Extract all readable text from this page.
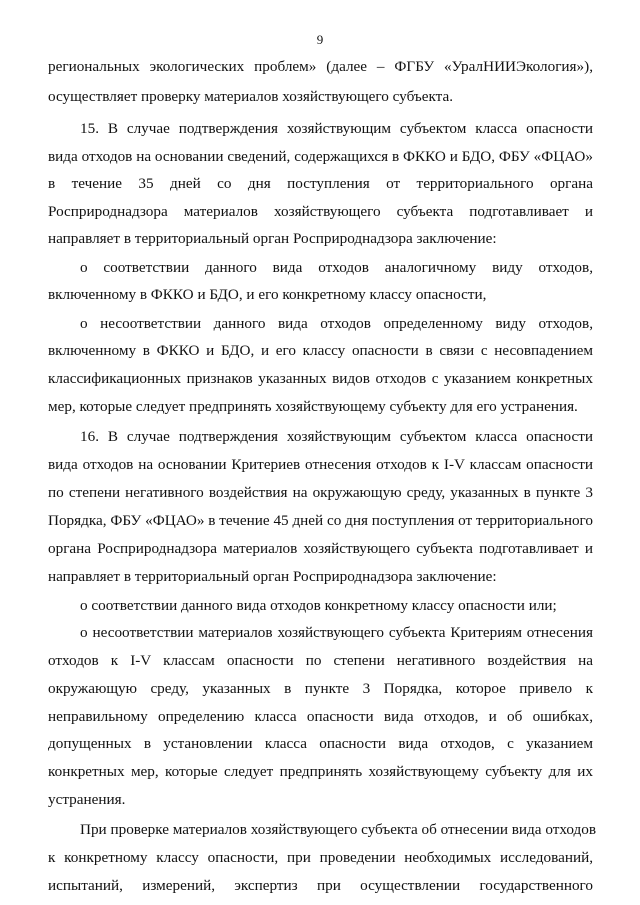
9
региональных экологических проблем» (далее – ФГБУ «УралНИИЭкология»),
осуществляет проверку материалов хозяйствующего субъекта.
15. В случае подтверждения хозяйствующим субъектом класса опасности
вида отходов на основании сведений, содержащихся в ФККО и БДО, ФБУ «ФЦАО»
в течение 35 дней со дня поступления от территориального органа
Росприроднадзора материалов хозяйствующего субъекта подготавливает и
направляет в территориальный орган Росприроднадзора заключение:
о соответствии данного вида отходов аналогичному виду отходов,
включенному в ФККО и БДО, и его конкретному классу опасности,
о несоответствии данного вида отходов определенному виду отходов,
включенному в ФККО и БДО, и его классу опасности в связи с несовпадением
классификационных признаков указанных видов отходов с указанием конкретных
мер, которые следует предпринять хозяйствующему субъекту для его устранения.
16. В случае подтверждения хозяйствующим субъектом класса опасности
вида отходов на основании Критериев отнесения отходов к I-V классам опасности
по степени негативного воздействия на окружающую среду, указанных в пункте 3
Порядка, ФБУ «ФЦАО» в течение 45 дней со дня поступления от территориального
органа Росприроднадзора материалов хозяйствующего субъекта подготавливает и
направляет в территориальный орган Росприроднадзора заключение:
о соответствии данного вида отходов конкретному классу опасности или;
о несоответствии материалов хозяйствующего субъекта Критериям отнесения
отходов к I-V классам опасности по степени негативного воздействия на
окружающую среду, указанных в пункте 3 Порядка, которое привело к
неправильному определению класса опасности вида отходов, и об ошибках,
допущенных в установлении класса опасности вида отходов, с указанием
конкретных мер, которые следует предпринять хозяйствующему субъекту для их
устранения.
При проверке материалов хозяйствующего субъекта об отнесении вида отходов
к конкретному классу опасности, при проведении необходимых исследований,
испытаний, измерений, экспертиз при осуществлении государственного
